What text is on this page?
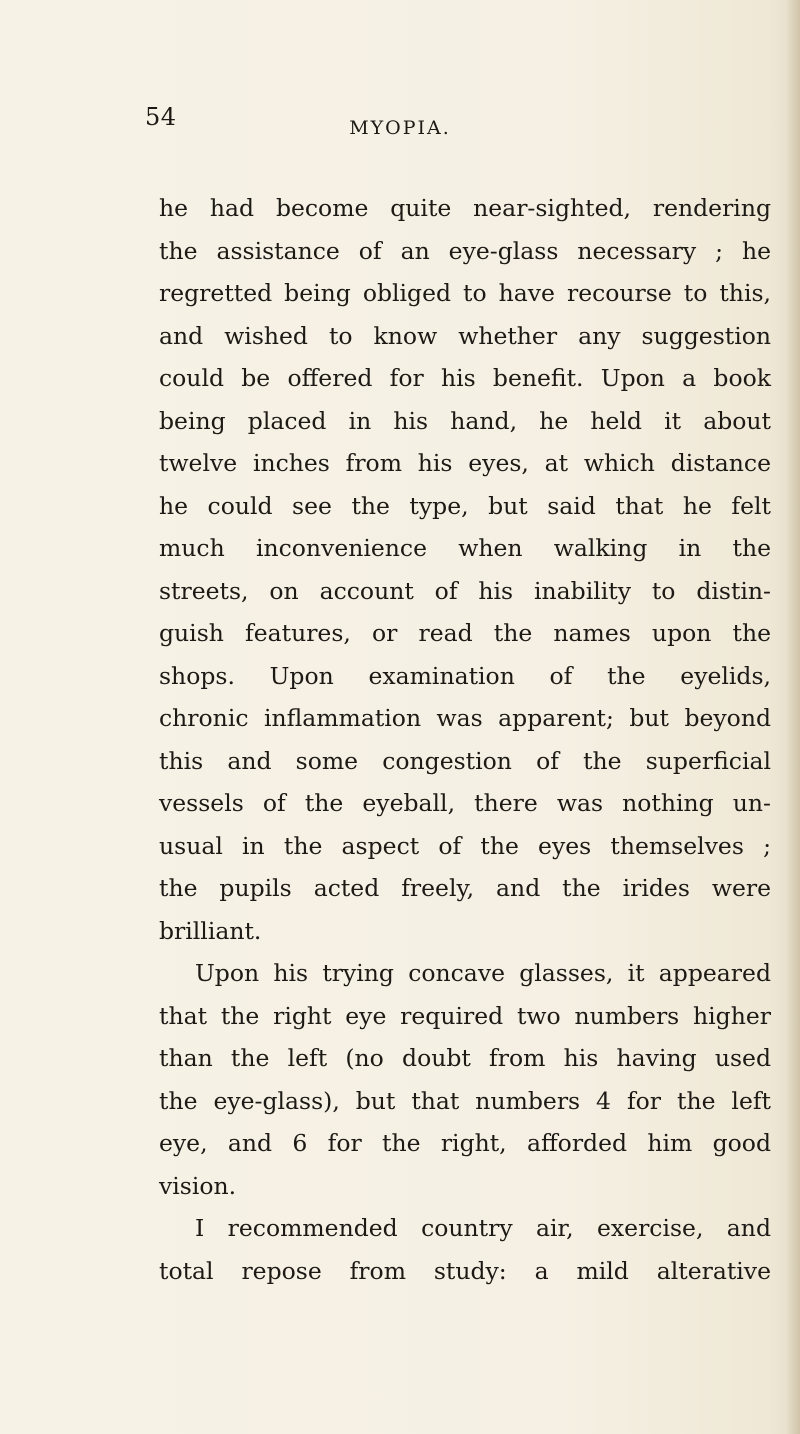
54	MYOPIA.
he had become quite near-sighted, rendering
the assistance of an eye-glass necessary ; he
regretted being obliged to have recourse to this,
and wished to know whether any suggestion
could be offered for his benefit. Upon a book
being placed in his hand, he held it about
twelve inches from his eyes, at which distance
he could see the type, but said that he felt
much inconvenience when walking in the
streets, on account of his inability to distin-
guish features, or read the names upon the
shops. Upon examination of the eyelids,
chronic inflammation was apparent; but beyond
this and some congestion of the superficial
vessels of the eyeball, there was nothing un-
usual in the aspect of the eyes themselves ;
the pupils acted freely, and the irides were
brilliant.
Upon his trying concave glasses, it appeared
that the right eye required two numbers higher
than the left (no doubt from his having used
the eye-glass), but that numbers 4 for the left
eye, and 6 for the right, afforded him good
vision.
I recommended country air, exercise, and
total repose from study: a mild alterative
